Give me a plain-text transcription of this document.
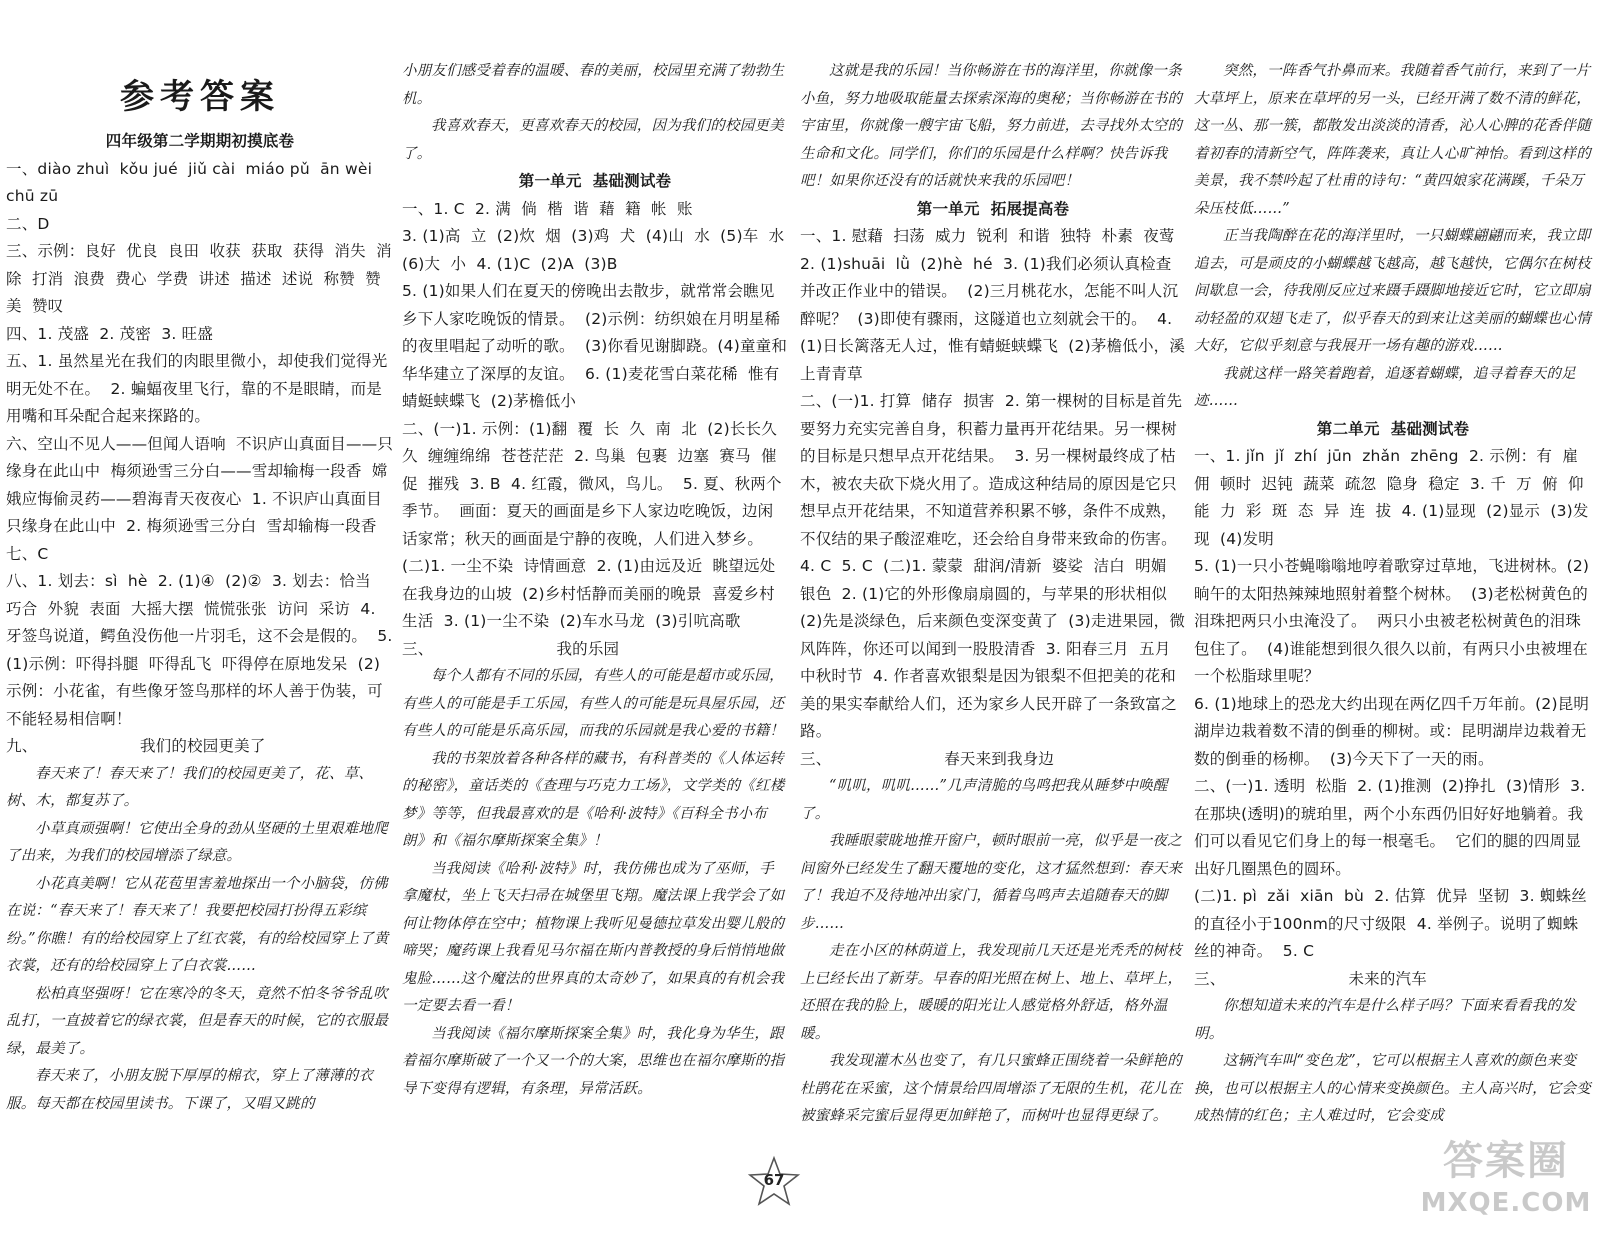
参考答案

四年级第二学期期初摸底卷

一、diào zhuì  kǒu jué  jiǔ cài  miáo pǔ  ān wèi

chū zū

二、D

三、示例：良好  优良  良田  收获  获取  获得  消失  消除  打消  浪费  费心  学费  讲述  描述  述说  称赞  赞美  赞叹

四、1. 茂盛  2. 茂密  3. 旺盛

五、1. 虽然星光在我们的肉眼里微小，却使我们觉得光明无处不在。  2. 蝙蝠夜里飞行，靠的不是眼睛，而是用嘴和耳朵配合起来探路的。

六、空山不见人——但闻人语响  不识庐山真面目——只缘身在此山中  梅须逊雪三分白——雪却输梅一段香  嫦娥应悔偷灵药——碧海青天夜夜心  1. 不识庐山真面目  只缘身在此山中  2. 梅须逊雪三分白  雪却输梅一段香

七、C

八、1. 划去：sì  hè  2. (1)④  (2)②  3. 划去：恰当  巧合  外貌  表面  大摇大摆  慌慌张张  访问  采访  4. 牙签鸟说道，鳄鱼没伤他一片羽毛，这不会是假的。  5. (1)示例：吓得抖腿  吓得乱飞  吓得停在原地发呆  (2)示例：小花雀，有些像牙签鸟那样的坏人善于伪装，可不能轻易相信啊！

九、                    我们的校园更美了

春天来了！春天来了！我们的校园更美了，花、草、树、木，都复苏了。

小草真顽强啊！它使出全身的劲从坚硬的土里艰难地爬了出来，为我们的校园增添了绿意。

小花真美啊！它从花苞里害羞地探出一个小脑袋，仿佛在说：“春天来了！春天来了！我要把校园打扮得五彩缤纷。”你瞧！有的给校园穿上了红衣裳，有的给校园穿上了黄衣裳，还有的给校园穿上了白衣裳……

松柏真坚强呀！它在寒冷的冬天，竟然不怕冬爷爷乱吹乱打，一直披着它的绿衣裳，但是春天的时候，它的衣服最绿，最美了。

春天来了，小朋友脱下厚厚的棉衣，穿上了薄薄的衣服。每天都在校园里读书。下课了，又唱又跳的

小朋友们感受着春的温暖、春的美丽，校园里充满了勃勃生机。

我喜欢春天，更喜欢春天的校园，因为我们的校园更美了。

第一单元  基础测试卷

一、1. C  2. 满  倘  楷  谐  藉  籍  帐  账

3. (1)高  立  (2)炊  烟  (3)鸡  犬  (4)山  水  (5)车  水  (6)大  小  4. (1)C  (2)A  (3)B

5. (1)如果人们在夏天的傍晚出去散步，就常常会瞧见乡下人家吃晚饭的情景。  (2)示例：纺织娘在月明星稀的夜里唱起了动听的歌。  (3)你看见谢脚跷。(4)童童和华华建立了深厚的友谊。  6. (1)麦花雪白菜花稀  惟有蜻蜓蛱蝶飞  (2)茅檐低小

二、(一)1. 示例：(1)翻  覆  长  久  南  北  (2)长长久久  缠缠绵绵  苍苍茫茫  2. 鸟巢  包裹  边塞  赛马  催促  摧残  3. B  4. 红霞，微风，鸟儿。  5. 夏、秋两个季节。  画面：夏天的画面是乡下人家边吃晚饭，边闲话家常；秋天的画面是宁静的夜晚，人们进入梦乡。  (二)1. 一尘不染  诗情画意  2. (1)由远及近  眺望远处  在我身边的山坡  (2)乡村恬静而美丽的晚景  喜爱乡村生活  3. (1)一尘不染  (2)车水马龙  (3)引吭高歌

三、                        我的乐园

每个人都有不同的乐园，有些人的可能是超市或乐园，有些人的可能是手工乐园，有些人的可能是玩具屋乐园，还有些人的可能是乐高乐园，而我的乐园就是我心爱的书籍！

我的书架放着各种各样的藏书，有科普类的《人体运转的秘密》，童话类的《查理与巧克力工场》，文学类的《红楼梦》等等，但我最喜欢的是《哈利·波特》《百科全书小布朗》和《福尔摩斯探案全集》！

当我阅读《哈利·波特》时，我仿佛也成为了巫师，手拿魔杖，坐上飞天扫帚在城堡里飞翔。魔法课上我学会了如何让物体停在空中；植物课上我听见曼德拉草发出婴儿般的啼哭；魔药课上我看见马尔福在斯内普教授的身后悄悄地做鬼脸……这个魔法的世界真的太奇妙了，如果真的有机会我一定要去看一看！

当我阅读《福尔摩斯探案全集》时，我化身为华生，跟着福尔摩斯破了一个又一个的大案，思维也在福尔摩斯的指导下变得有逻辑，有条理，异常活跃。

这就是我的乐园！当你畅游在书的海洋里，你就像一条小鱼，努力地吸取能量去探索深海的奥秘；当你畅游在书的宇宙里，你就像一艘宇宙飞船，努力前进，去寻找外太空的生命和文化。同学们，你们的乐园是什么样啊？快告诉我吧！如果你还没有的话就快来我的乐园吧！

第一单元  拓展提高卷

一、1. 慰藉  扫荡  威力  锐利  和谐  独特  朴素  夜莺  2. (1)shuāi  lǜ  (2)hè  hé  3. (1)我们必须认真检查并改正作业中的错误。  (2)三月桃花水，怎能不叫人沉醉呢？  (3)即使有骤雨，这隧道也立刻就会干的。  4. (1)日长篱落无人过，惟有蜻蜓蛱蝶飞  (2)茅檐低小，溪上青青草

二、(一)1. 打算  储存  损害  2. 第一棵树的目标是首先要努力充实完善自身，积蓄力量再开花结果。另一棵树的目标是只想早点开花结果。  3. 另一棵树最终成了枯木，被农夫砍下烧火用了。造成这种结局的原因是它只想早点开花结果，不知道营养积累不够，条件不成熟，不仅结的果子酸涩难吃，还会给自身带来致命的伤害。  4. C  5. C  (二)1. 蒙蒙  甜润/清新  婆娑  洁白  明媚  银色  2. (1)它的外形像扇扇圆的，与苹果的形状相似  (2)先是淡绿色，后来颜色变深变黄了  (3)走进果园，微风阵阵，你还可以闻到一股股清香  3. 阳春三月  五月  中秋时节  4. 作者喜欢银梨是因为银梨不但把美的花和美的果实奉献给人们，还为家乡人民开辟了一条致富之路。

三、                      春天来到我身边

“叽叽，叽叽……”几声清脆的鸟鸣把我从睡梦中唤醒了。

我睡眼蒙眬地推开窗户，顿时眼前一亮，似乎是一夜之间窗外已经发生了翻天覆地的变化，这才猛然想到：春天来了！我迫不及待地冲出家门，循着鸟鸣声去追随春天的脚步……

走在小区的林荫道上，我发现前几天还是光秃秃的树枝上已经长出了新芽。早春的阳光照在树上、地上、草坪上，还照在我的脸上，暖暖的阳光让人感觉格外舒适，格外温暖。

我发现灌木丛也变了，有几只蜜蜂正围绕着一朵鲜艳的杜鹃花在采蜜，这个情景给四周增添了无限的生机，花儿在被蜜蜂采完蜜后显得更加鲜艳了，而树叶也显得更绿了。

突然，一阵香气扑鼻而来。我随着香气前行，来到了一片大草坪上，原来在草坪的另一头，已经开满了数不清的鲜花，这一丛、那一簇，都散发出淡淡的清香，沁人心脾的花香伴随着初春的清新空气，阵阵袭来，真让人心旷神怡。看到这样的美景，我不禁吟起了杜甫的诗句：“黄四娘家花满蹊，千朵万朵压枝低……”

正当我陶醉在花的海洋里时，一只蝴蝶翩翩而来，我立即追去，可是顽皮的小蝴蝶越飞越高，越飞越快，它偶尔在树枝间歇息一会，待我刚反应过来蹑手蹑脚地接近它时，它立即扇动轻盈的双翅飞走了，似乎春天的到来让这美丽的蝴蝶也心情大好，它似乎刻意与我展开一场有趣的游戏……

我就这样一路笑着跑着，追逐着蝴蝶，追寻着春天的足迹……

第二单元  基础测试卷

一、1. jǐn  jǐ  zhí  jūn  zhǎn  zhēng  2. 示例：有  雇佣  顿时  迟钝  蔬菜  疏忽  隐身  稳定  3. 千  万  俯  仰  能  力  彩  斑  态  异  连  拔  4. (1)显现  (2)显示  (3)发现  (4)发明

5. (1)一只小苍蝇嗡嗡地哼着歌穿过草地，飞进树林。(2)晌午的太阳热辣辣地照射着整个树林。  (3)老松树黄色的泪珠把两只小虫淹没了。  两只小虫被老松树黄色的泪珠包住了。  (4)谁能想到很久很久以前，有两只小虫被埋在一个松脂球里呢？

6. (1)地球上的恐龙大约出现在两亿四千万年前。(2)昆明湖岸边栽着数不清的倒垂的柳树。或：昆明湖岸边栽着无数的倒垂的杨柳。  (3)今天下了一天的雨。

二、(一)1. 透明  松脂  2. (1)推测  (2)挣扎  (3)情形  3. 在那块(透明)的琥珀里，两个小东西仍旧好好地躺着。我们可以看见它们身上的每一根毫毛。  它们的腿的四周显出好几圈黑色的圆环。

(二)1. pì  zǎi  xiān  bù  2. 估算  优异  坚韧  3. 蜘蛛丝的直径小于100nm的尺寸级限  4. 举例子。说明了蜘蛛丝的神奇。  5. C

三、                        未来的汽车

你想知道未来的汽车是什么样子吗？下面来看看我的发明。

这辆汽车叫“变色龙”，它可以根据主人喜欢的颜色来变换，也可以根据主人的心情来变换颜色。主人高兴时，它会变成热情的红色；主人难过时，它会变成

67	答案圈
MXQE.COM
